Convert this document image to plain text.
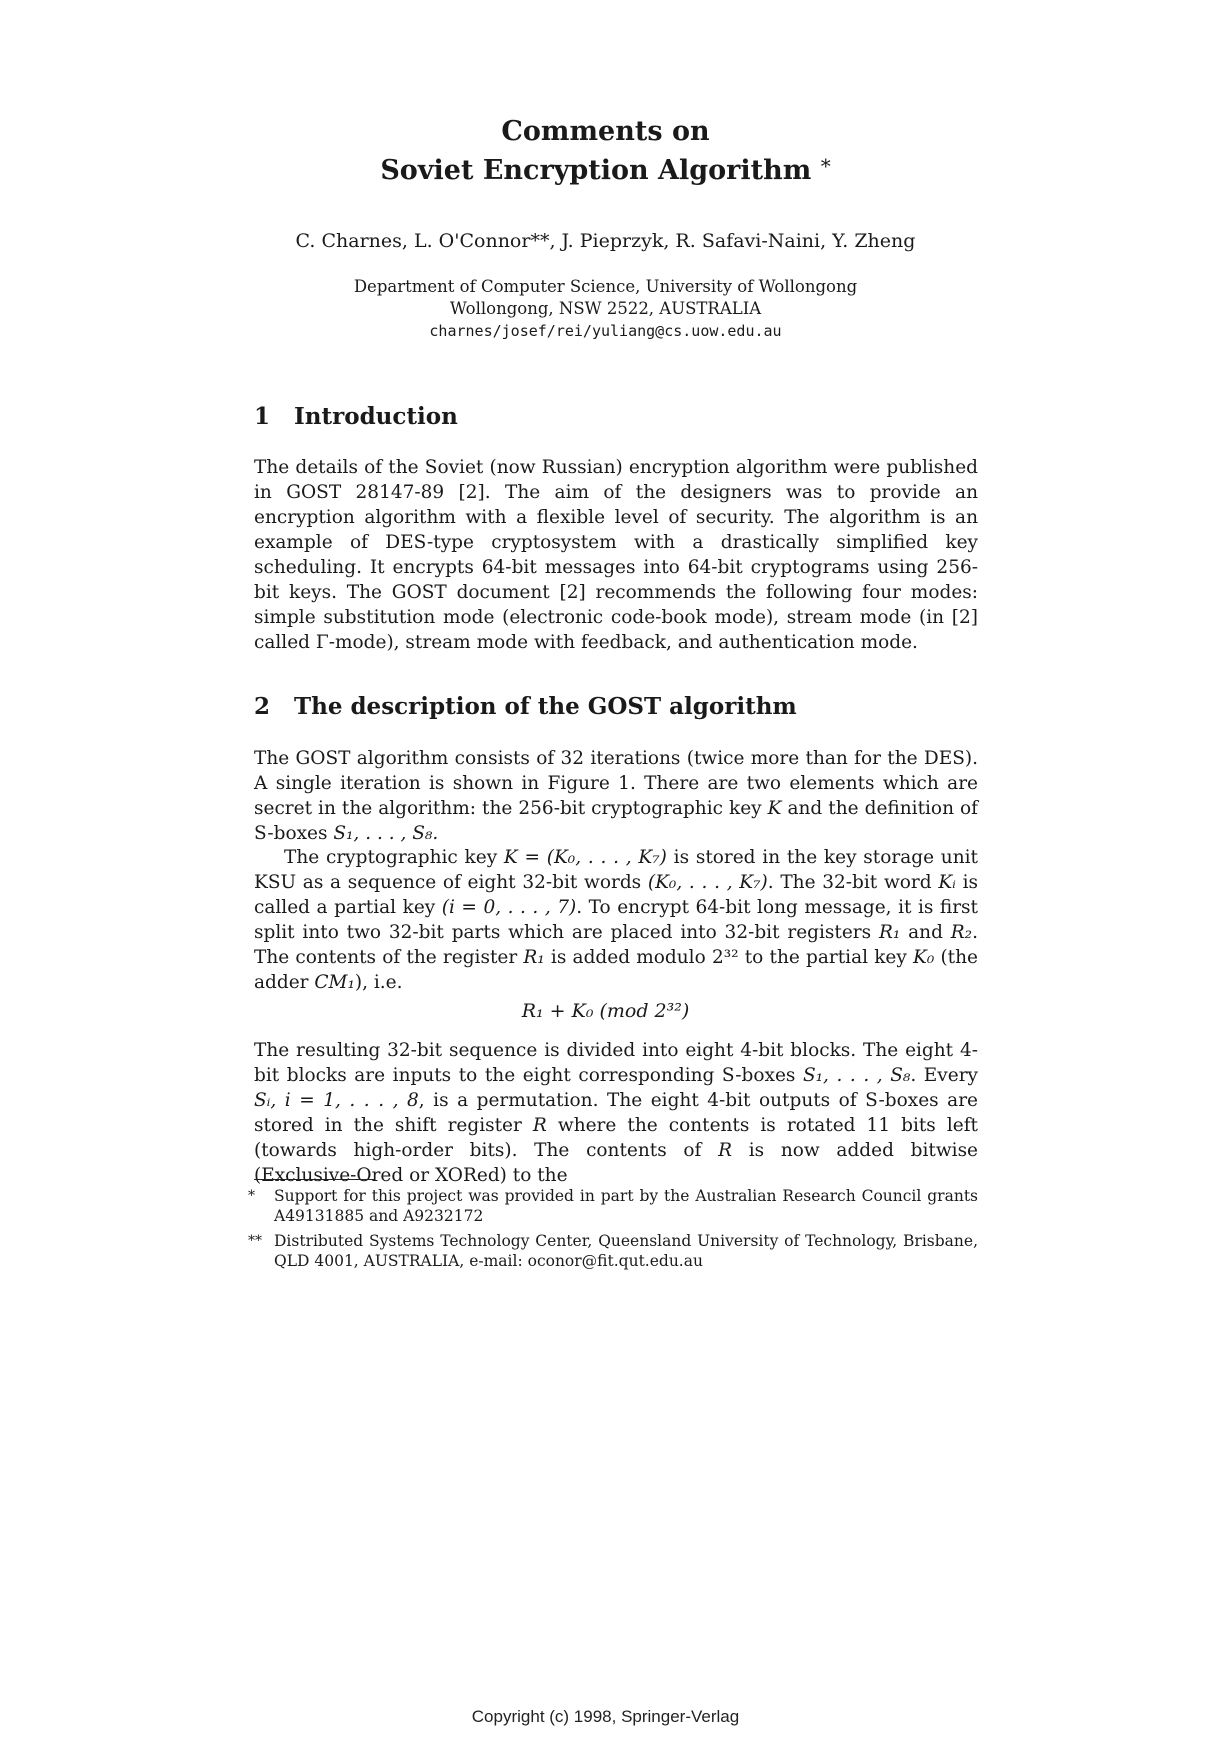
Comments on
Soviet Encryption Algorithm *
C. Charnes, L. O'Connor**, J. Pieprzyk, R. Safavi-Naini, Y. Zheng
Department of Computer Science, University of Wollongong
Wollongong, NSW 2522, AUSTRALIA
charnes/josef/rei/yuliang@cs.uow.edu.au
1 Introduction

The details of the Soviet (now Russian) encryption algorithm were published in GOST 28147-89 [2]. The aim of the designers was to provide an encryption algorithm with a flexible level of security. The algorithm is an example of DES-type cryptosystem with a drastically simplified key scheduling. It encrypts 64-bit messages into 64-bit cryptograms using 256-bit keys. The GOST document [2] recommends the following four modes: simple substitution mode (electronic code-book mode), stream mode (in [2] called Γ-mode), stream mode with feedback, and authentication mode.

2 The description of the GOST algorithm

The GOST algorithm consists of 32 iterations (twice more than for the DES). A single iteration is shown in Figure 1. There are two elements which are secret in the algorithm: the 256-bit cryptographic key K and the definition of S-boxes S₁, . . . , S₈.

The cryptographic key K = (K₀, . . . , K₇) is stored in the key storage unit KSU as a sequence of eight 32-bit words (K₀, . . . , K₇). The 32-bit word Kᵢ is called a partial key (i = 0, . . . , 7). To encrypt 64-bit long message, it is first split into two 32-bit parts which are placed into 32-bit registers R₁ and R₂. The contents of the register R₁ is added modulo 2³² to the partial key K₀ (the adder CM₁), i.e.

R₁ + K₀ (mod 2³²)

The resulting 32-bit sequence is divided into eight 4-bit blocks. The eight 4-bit blocks are inputs to the eight corresponding S-boxes S₁, . . . , S₈. Every Sᵢ, i = 1, . . . , 8, is a permutation. The eight 4-bit outputs of S-boxes are stored in the shift register R where the contents is rotated 11 bits left (towards high-order bits). The contents of R is now added bitwise (Exclusive-Ored or XORed) to the

* Support for this project was provided in part by the Australian Research Council grants A49131885 and A9232172
** Distributed Systems Technology Center, Queensland University of Technology, Brisbane, QLD 4001, AUSTRALIA, e-mail: oconor@fit.qut.edu.au
Copyright (c) 1998, Springer-Verlag
